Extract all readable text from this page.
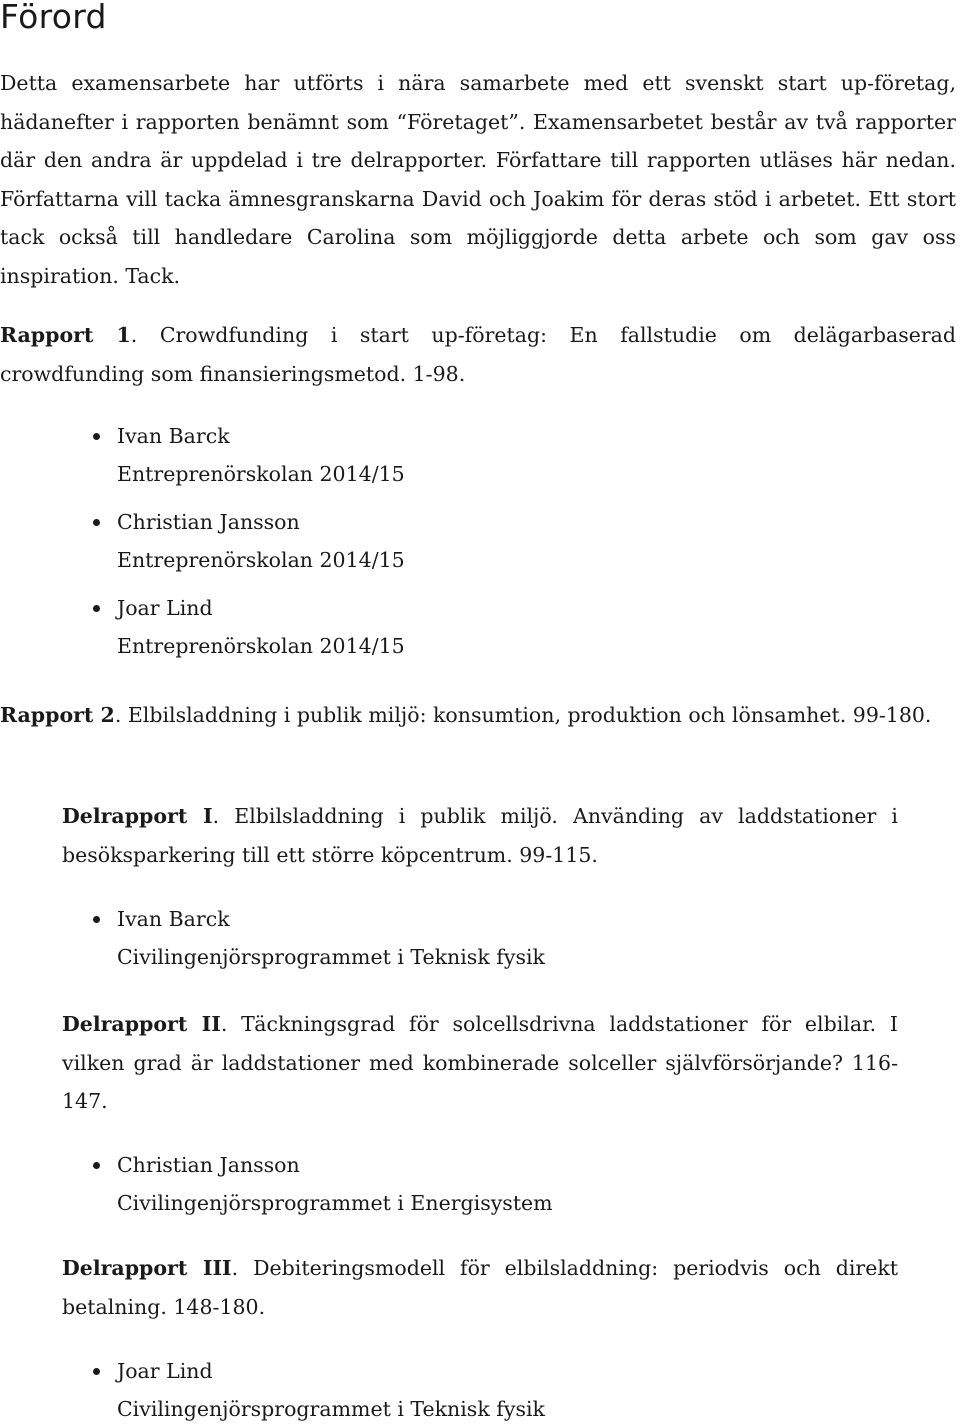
Förord

Detta examensarbete har utförts i nära samarbete med ett svenskt start up-företag, hädanefter i rapporten benämnt som “Företaget”. Examensarbetet består av två rapporter där den andra är uppdelad i tre delrapporter. Författare till rapporten utläses här nedan. Författarna vill tacka ämnesgranskarna David och Joakim för deras stöd i arbetet. Ett stort tack också till handledare Carolina som möjliggjorde detta arbete och som gav oss inspiration. Tack.

Rapport 1. Crowdfunding i start up-företag: En fallstudie om delägarbaserad crowdfunding som finansieringsmetod. 1-98.

Ivan Barck
Entreprenörskolan 2014/15
Christian Jansson
Entreprenörskolan 2014/15
Joar Lind
Entreprenörskolan 2014/15

Rapport 2. Elbilsladdning i publik miljö: konsumtion, produktion och lönsamhet. 99-180.

Delrapport I. Elbilsladdning i publik miljö. Använding av laddstationer i besöksparkering till ett större köpcentrum. 99-115.

Ivan Barck
Civilingenjörsprogrammet i Teknisk fysik

Delrapport II. Täckningsgrad för solcellsdrivna laddstationer för elbilar. I vilken grad är laddstationer med kombinerade solceller självförsörjande? 116-147.

Christian Jansson
Civilingenjörsprogrammet i Energisystem

Delrapport III. Debiteringsmodell för elbilsladdning: periodvis och direkt betalning. 148-180.

Joar Lind
Civilingenjörsprogrammet i Teknisk fysik
